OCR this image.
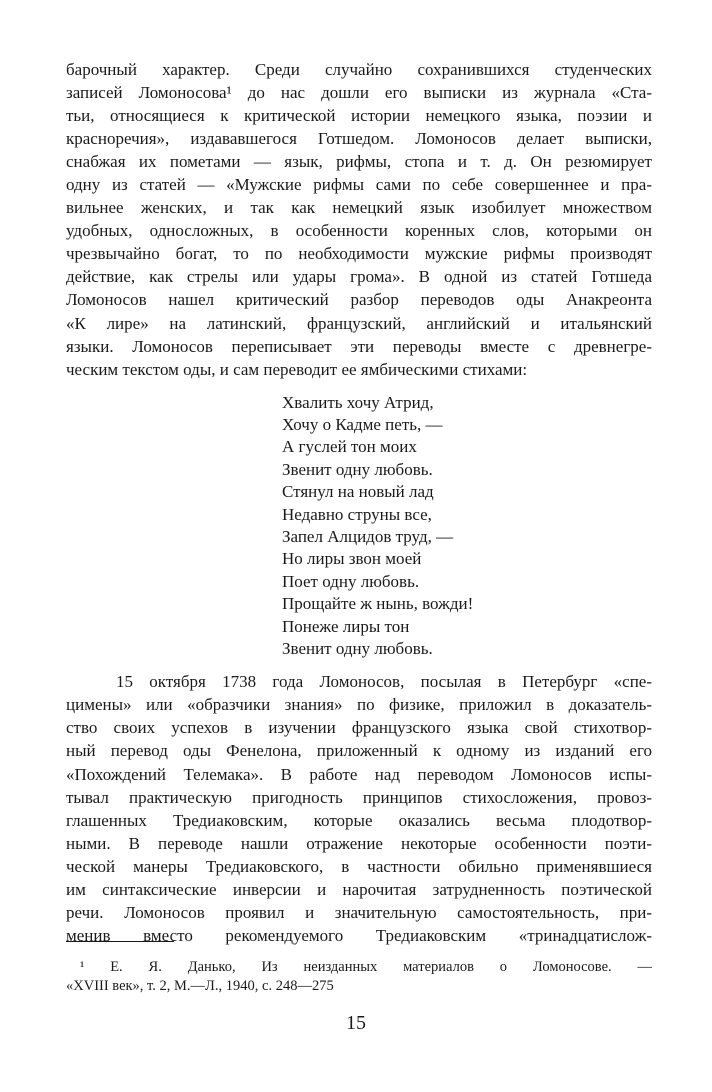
барочный характер. Среди случайно сохранившихся студенческих
записей Ломоносова¹ до нас дошли его выписки из журнала «Ста-
тьи, относящиеся к критической истории немецкого языка, поэзии и
красноречия», издававшегося Готшедом. Ломоносов делает выписки,
снабжая их пометами — язык, рифмы, стопа и т. д. Он резюмирует
одну из статей — «Мужские рифмы сами по себе совершеннее и пра-
вильнее женских, и так как немецкий язык изобилует множеством
удобных, односложных, в особенности коренных слов, которыми он
чрезвычайно богат, то по необходимости мужские рифмы производят
действие, как стрелы или удары грома». В одной из статей Готшеда
Ломоносов нашел критический разбор переводов оды Анакреонта
«К лире» на латинский, французский, английский и итальянский
языки. Ломоносов переписывает эти переводы вместе с древнегре-
ческим текстом оды, и сам переводит ее ямбическими стихами:
Хвалить хочу Атрид,
Хочу о Кадме петь, —
А гуслей тон моих
Звенит одну любовь.
Стянул на новый лад
Недавно струны все,
Запел Алцидов труд, —
Но лиры звон моей
Поет одну любовь.
Прощайте ж нынь, вожди!
Понеже лиры тон
Звенит одну любовь.
15 октября 1738 года Ломоносов, посылая в Петербург «спе-
цимены» или «образчики знания» по физике, приложил в доказатель-
ство своих успехов в изучении французского языка свой стихотвор-
ный перевод оды Фенелона, приложенный к одному из изданий его
«Похождений Телемака». В работе над переводом Ломоносов испы-
тывал практическую пригодность принципов стихосложения, провоз-
глашенных Тредиаковским, которые оказались весьма плодотвор-
ными. В переводе нашли отражение некоторые особенности поэти-
ческой манеры Тредиаковского, в частности обильно применявшиеся
им синтаксические инверсии и нарочитая затрудненность поэтической
речи. Ломоносов проявил и значительную самостоятельность, при-
менив вместо рекомендуемого Тредиаковским «тринадцатислож-
¹ Е. Я. Данько, Из неизданных материалов о Ломоносове. —
«XVIII век», т. 2, М.—Л., 1940, с. 248—275
15
